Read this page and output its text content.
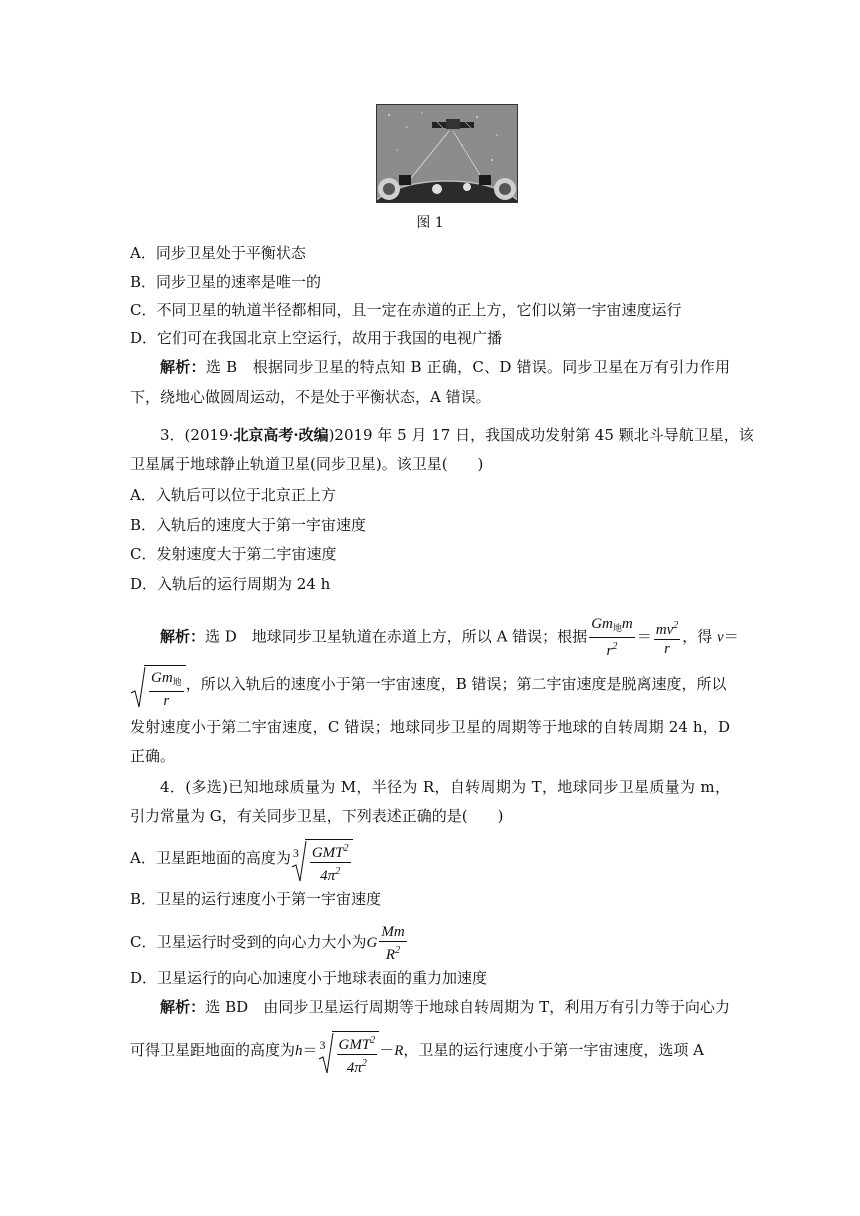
图 1
A．同步卫星处于平衡状态
B．同步卫星的速率是唯一的
C．不同卫星的轨道半径都相同，且一定在赤道的正上方，它们以第一宇宙速度运行
D．它们可在我国北京上空运行，故用于我国的电视广播
解析：选 B　根据同步卫星的特点知 B 正确，C、D 错误。同步卫星在万有引力作用
下，绕地心做圆周运动，不是处于平衡状态，A 错误。
3．(2019·北京高考·改编)2019 年 5 月 17 日，我国成功发射第 45 颗北斗导航卫星，该
卫星属于地球静止轨道卫星(同步卫星)。该卫星(　　)
A．入轨后可以位于北京正上方
B．入轨后的速度大于第一宇宙速度
C．发射速度大于第二宇宙速度
D．入轨后的运行周期为 24 h
解析：选 D　地球同步卫星轨道在赤道上方，所以 A 错误；根据 $\frac{Gm_地m}{r^2} = \frac{mv^2}{r}$ ，得 v＝
$\frac{Gm_地}{r}$ ，所以入轨后的速度小于第一宇宙速度，B 错误；第二宇宙速度是脱离速度，所以
发射速度小于第二宇宙速度，C 错误；地球同步卫星的周期等于地球的自转周期 24 h，D
正确。
4．(多选)已知地球质量为 M，半径为 R，自转周期为 T，地球同步卫星质量为 m，
引力常量为 G，有关同步卫星，下列表述正确的是(　　)
A．卫星距地面的高度为 $3 \frac{GMT^2}{4\pi^2}$
B．卫星的运行速度小于第一宇宙速度
C．卫星运行时受到的向心力大小为G $\frac{Mm}{R^2}$
D．卫星运行的向心加速度小于地球表面的重力加速度
解析：选 BD　由同步卫星运行周期等于地球自转周期为 T，利用万有引力等于向心力
可得卫星距地面的高度为$h= 3 \frac{GMT^2}{4\pi^2} -R$，卫星的运行速度小于第一宇宙速度，选项 A
